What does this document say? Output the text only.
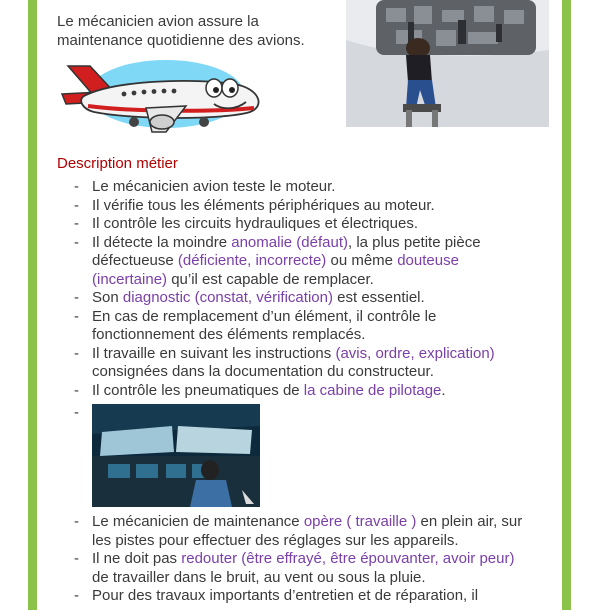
Le mécanicien avion assure la maintenance quotidienne des avions.
Description métier
- Le mécanicien avion teste le moteur.
- Il vérifie tous les éléments périphériques au moteur.
- Il contrôle les circuits hydrauliques et électriques.
- Il détecte la moindre anomalie (défaut), la plus petite pièce défectueuse (déficiente, incorrecte) ou même douteuse (incertaine) qu’il est capable de remplacer.
- Son diagnostic (constat, vérification) est essentiel.
- En cas de remplacement d’un élément, il contrôle le fonctionnement des éléments remplacés.
- Il travaille en suivant les instructions (avis, ordre, explication) consignées dans la documentation du constructeur.
- Il contrôle les pneumatiques de la cabine de pilotage.
-
- Le mécanicien de maintenance opère ( travaille ) en plein air, sur les pistes pour effectuer des réglages sur les appareils.
- Il ne doit pas redouter (être effrayé, être épouvanter, avoir peur) de travailler dans le bruit, au vent ou sous la pluie.
- Pour des travaux importants d’entretien et de réparation, il
